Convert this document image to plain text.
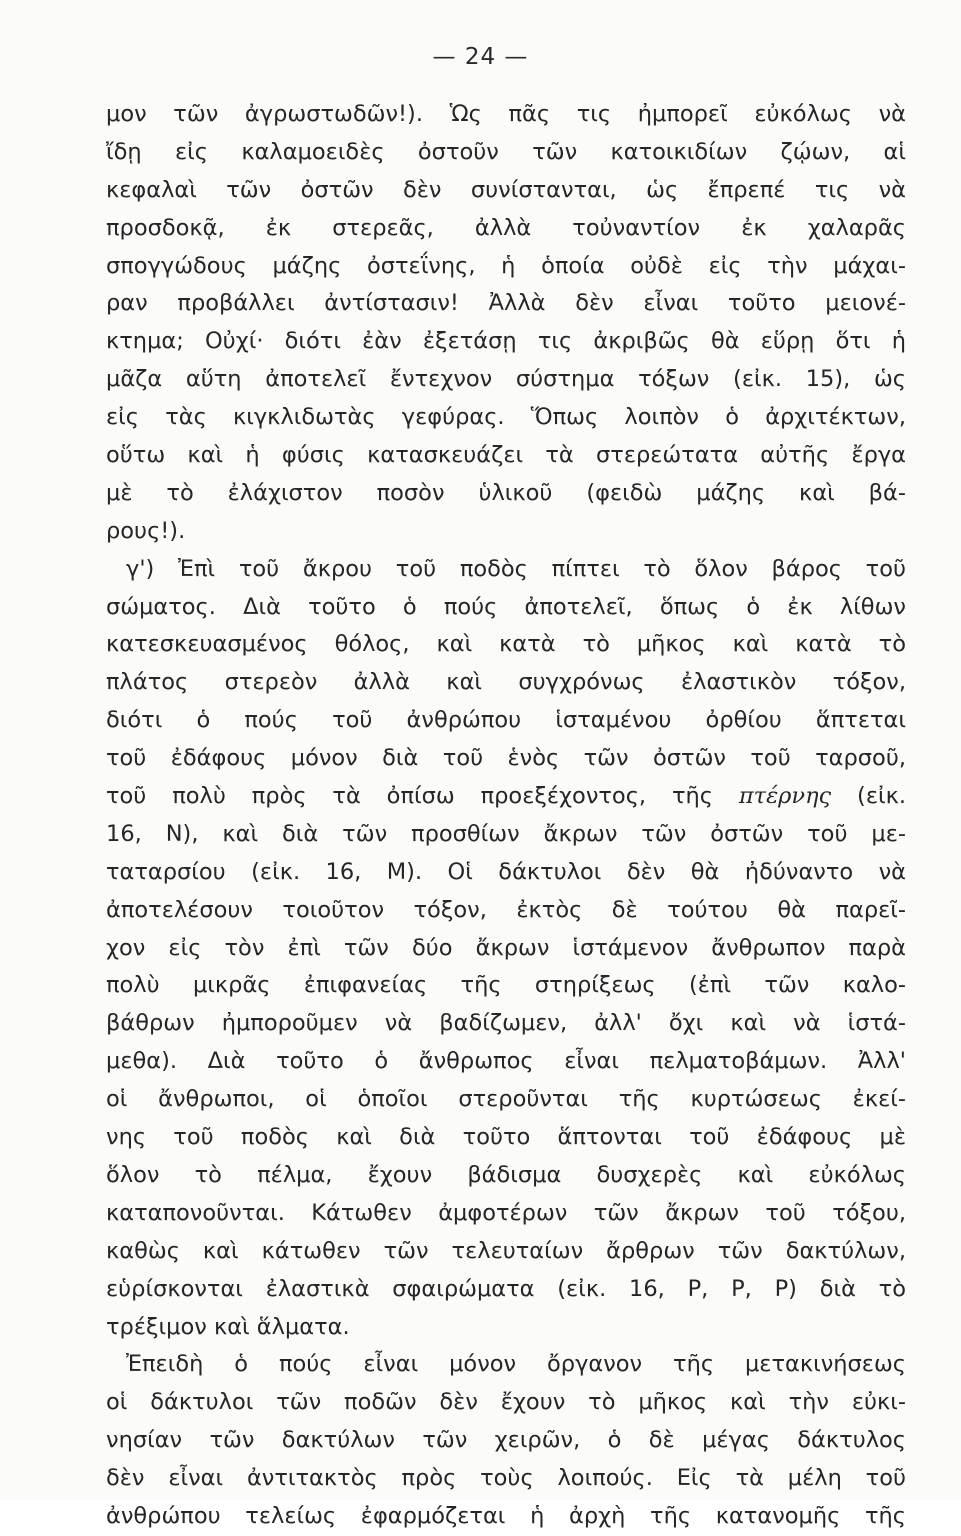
— 24 —
μον τῶν ἀγρωστωδῶν!). Ὡς πᾶς τις ἠμπορεῖ εὐκόλως νὰ
ἴδῃ εἰς καλαμοειδὲς ὀστοῦν τῶν κατοικιδίων ζῴων, αἱ
κεφαλαὶ τῶν ὀστῶν δὲν συνίστανται, ὡς ἔπρεπέ τις νὰ
προσδοκᾷ, ἐκ στερεᾶς, ἀλλὰ τοὐναντίον ἐκ χαλαρᾶς
σπογγώδους μάζης ὀστεΐνης, ἡ ὁποία οὐδὲ εἰς τὴν μάχαι-
ραν προβάλλει ἀντίστασιν! Ἀλλὰ δὲν εἶναι τοῦτο μειονέ-
κτημα; Οὐχί· διότι ἐὰν ἐξετάσῃ τις ἀκριβῶς θὰ εὕρῃ ὅτι ἡ
μᾶζα αὕτη ἀποτελεῖ ἔντεχνον σύστημα τόξων (εἰκ. 15), ὡς
εἰς τὰς κιγκλιδωτὰς γεφύρας. Ὅπως λοιπὸν ὁ ἀρχιτέκτων,
οὕτω καὶ ἡ φύσις κατασκευάζει τὰ στερεώτατα αὐτῆς ἔργα
μὲ τὸ ἐλάχιστον ποσὸν ὑλικοῦ (φειδὼ μάζης καὶ βά-
ρους!).
γ') Ἐπὶ τοῦ ἄκρου τοῦ ποδὸς πίπτει τὸ ὅλον βάρος τοῦ
σώματος. Διὰ τοῦτο ὁ πούς ἀποτελεῖ, ὅπως ὁ ἐκ λίθων
κατεσκευασμένος θόλος, καὶ κατὰ τὸ μῆκος καὶ κατὰ τὸ
πλάτος στερεὸν ἀλλὰ καὶ συγχρόνως ἐλαστικὸν τόξον,
διότι ὁ πούς τοῦ ἀνθρώπου ἱσταμένου ὀρθίου ἅπτεται
τοῦ ἐδάφους μόνον διὰ τοῦ ἑνὸς τῶν ὀστῶν τοῦ ταρσοῦ,
τοῦ πολὺ πρὸς τὰ ὀπίσω προεξέχοντος, τῆς πτέρνης (εἰκ.
16, Ν), καὶ διὰ τῶν προσθίων ἄκρων τῶν ὀστῶν τοῦ με-
ταταρσίου (εἰκ. 16, Μ). Οἱ δάκτυλοι δὲν θὰ ἠδύναντο νὰ
ἀποτελέσουν τοιοῦτον τόξον, ἐκτὸς δὲ τούτου θὰ παρεῖ-
χον εἰς τὸν ἐπὶ τῶν δύο ἄκρων ἱστάμενον ἄνθρωπον παρὰ
πολὺ μικρᾶς ἐπιφανείας τῆς στηρίξεως (ἐπὶ τῶν καλο-
βάθρων ἠμποροῦμεν νὰ βαδίζωμεν, ἀλλ' ὄχι καὶ νὰ ἱστά-
μεθα). Διὰ τοῦτο ὁ ἄνθρωπος εἶναι πελματοβάμων. Ἀλλ'
οἱ ἄνθρωποι, οἱ ὁποῖοι στεροῦνται τῆς κυρτώσεως ἐκεί-
νης τοῦ ποδὸς καὶ διὰ τοῦτο ἅπτονται τοῦ ἐδάφους μὲ
ὅλον τὸ πέλμα, ἔχουν βάδισμα δυσχερὲς καὶ εὐκόλως
καταπονοῦνται. Κάτωθεν ἀμφοτέρων τῶν ἄκρων τοῦ τόξου,
καθὼς καὶ κάτωθεν τῶν τελευταίων ἄρθρων τῶν δακτύλων,
εὑρίσκονται ἐλαστικὰ σφαιρώματα (εἰκ. 16, Ρ, Ρ, Ρ) διὰ τὸ
τρέξιμον καὶ ἅλματα.
Ἐπειδὴ ὁ πούς εἶναι μόνον ὄργανον τῆς μετακινήσεως
οἱ δάκτυλοι τῶν ποδῶν δὲν ἔχουν τὸ μῆκος καὶ τὴν εὐκι-
νησίαν τῶν δακτύλων τῶν χειρῶν, ὁ δὲ μέγας δάκτυλος
δὲν εἶναι ἀντιτακτὸς πρὸς τοὺς λοιπούς. Εἰς τὰ μέλη τοῦ
ἀνθρώπου τελείως ἐφαρμόζεται ἡ ἀρχὴ τῆς κατανομῆς τῆς
